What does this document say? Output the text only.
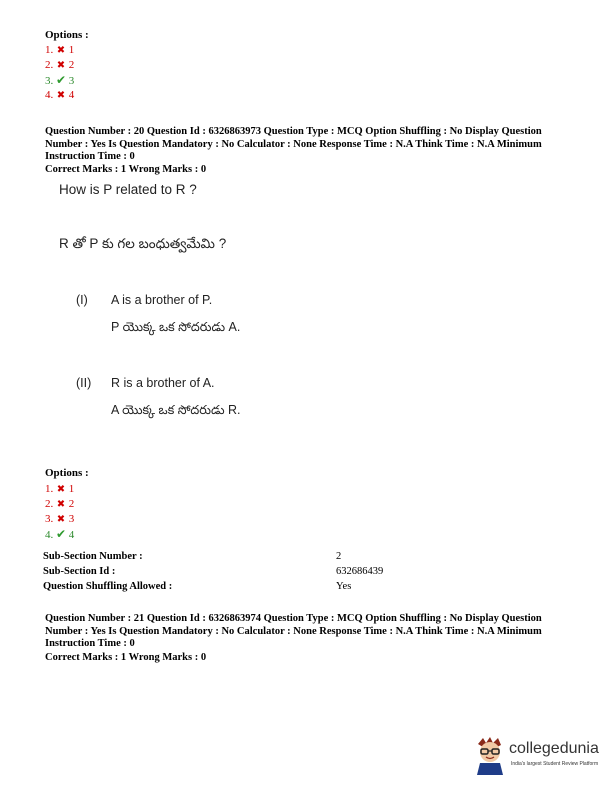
Options :
1. ✖ 1
2. ✖ 2
3. ✔ 3
4. ✖ 4
Question Number : 20 Question Id : 6326863973 Question Type : MCQ Option Shuffling : No Display Question Number : Yes Is Question Mandatory : No Calculator : None Response Time : N.A Think Time : N.A Minimum Instruction Time : 0
Correct Marks : 1 Wrong Marks : 0
How is P related to R ?
R తో P కు గల బంధుత్వమేమి ?
(I) A is a brother of P.
P యొక్క ఒక సోదరుడు A.
(II) R is a brother of A.
A యొక్క ఒక సోదరుడు R.
Options :
1. ✖ 1
2. ✖ 2
3. ✖ 3
4. ✔ 4
Sub-Section Number :	2
Sub-Section Id :	632686439
Question Shuffling Allowed :	Yes
Question Number : 21 Question Id : 6326863974 Question Type : MCQ Option Shuffling : No Display Question Number : Yes Is Question Mandatory : No Calculator : None Response Time : N.A Think Time : N.A Minimum Instruction Time : 0
Correct Marks : 1 Wrong Marks : 0
collegedunia
India's largest Student Review Platform
